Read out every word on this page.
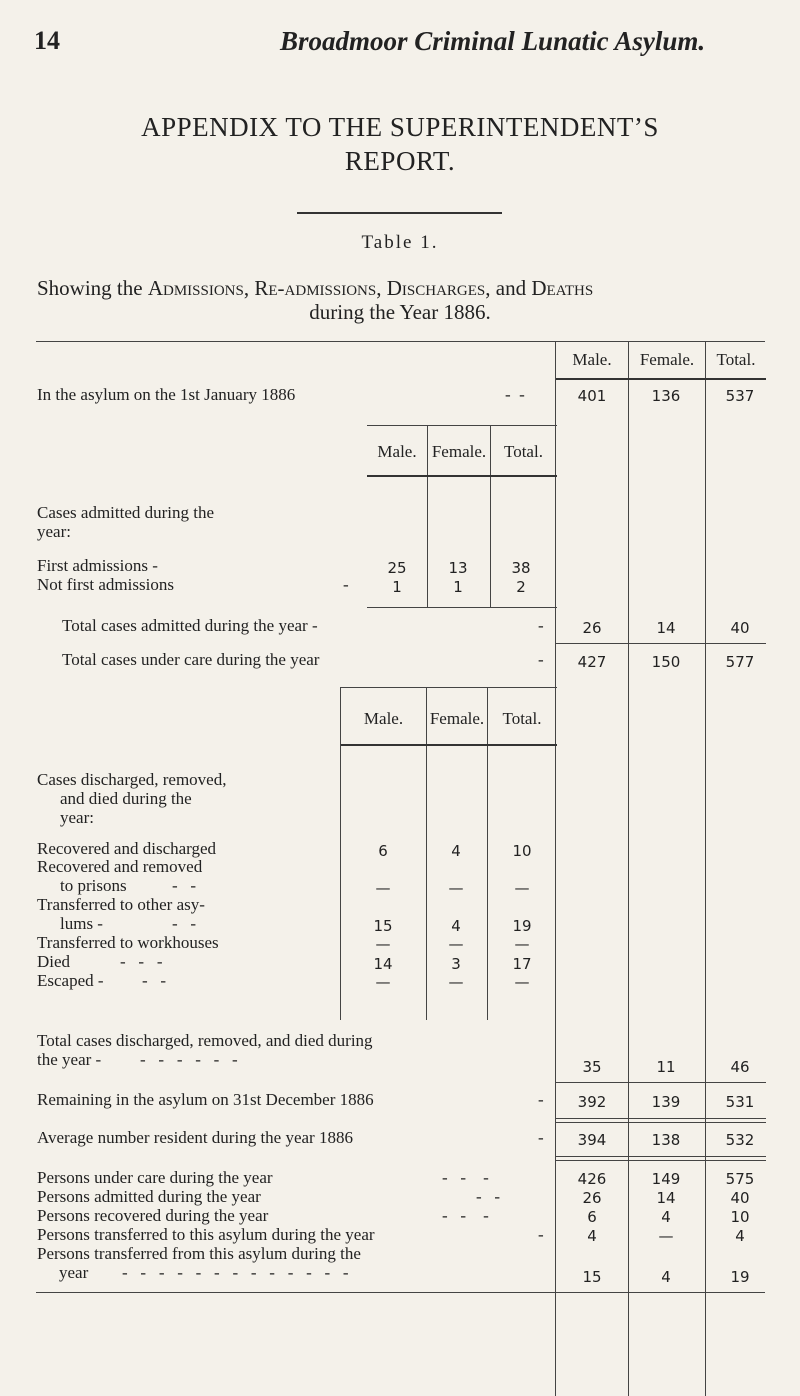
14	Broadmoor Criminal Lunatic Asylum.
APPENDIX TO THE SUPERINTENDENT’S
REPORT.
Table 1.
Showing the Admissions, Re-admissions, Discharges, and Deaths
during the Year 1886.
Male.	Female.	Total.
In the asylum on the 1st January 1886	-  -	401	136	537
Male. Female.	Total.
Cases admitted during the
year:
First admissions -	25	13	38
Not first admissions	-	1	1	2
Total cases admitted during the year -	-	26	14	40
Total cases under care during the year	-	427	150	577
Male.	Female.	Total.
Cases discharged, removed,
and died during the
year:
Recovered and discharged	6	4	10
Recovered and removed
to prisons	-   -	—	—	—
Transferred to other asy-
lums -	-   -	15	4	19
Transferred to workhouses	—	—	—
Died	-   -   -	14	3	17
Escaped - -   -	—	—	—
Total cases discharged, removed, and died during
the year - -   -   -   -   -   -	35	11	46
Remaining in the asylum on 31st December 1886	-	392	139	531
Average number resident during the year 1886	-	394	138	532
Persons under care during the year	-   -    -	426	149	575
Persons admitted during the year	-   -	26	14	40
Persons recovered during the year	-   -    -	6	4	10
Persons transferred to this asylum during the year	-	4	—	4
Persons transferred from this asylum during the
year -   -   -   -   -   -   -   -   -   -   -   -   -	15	4	19
